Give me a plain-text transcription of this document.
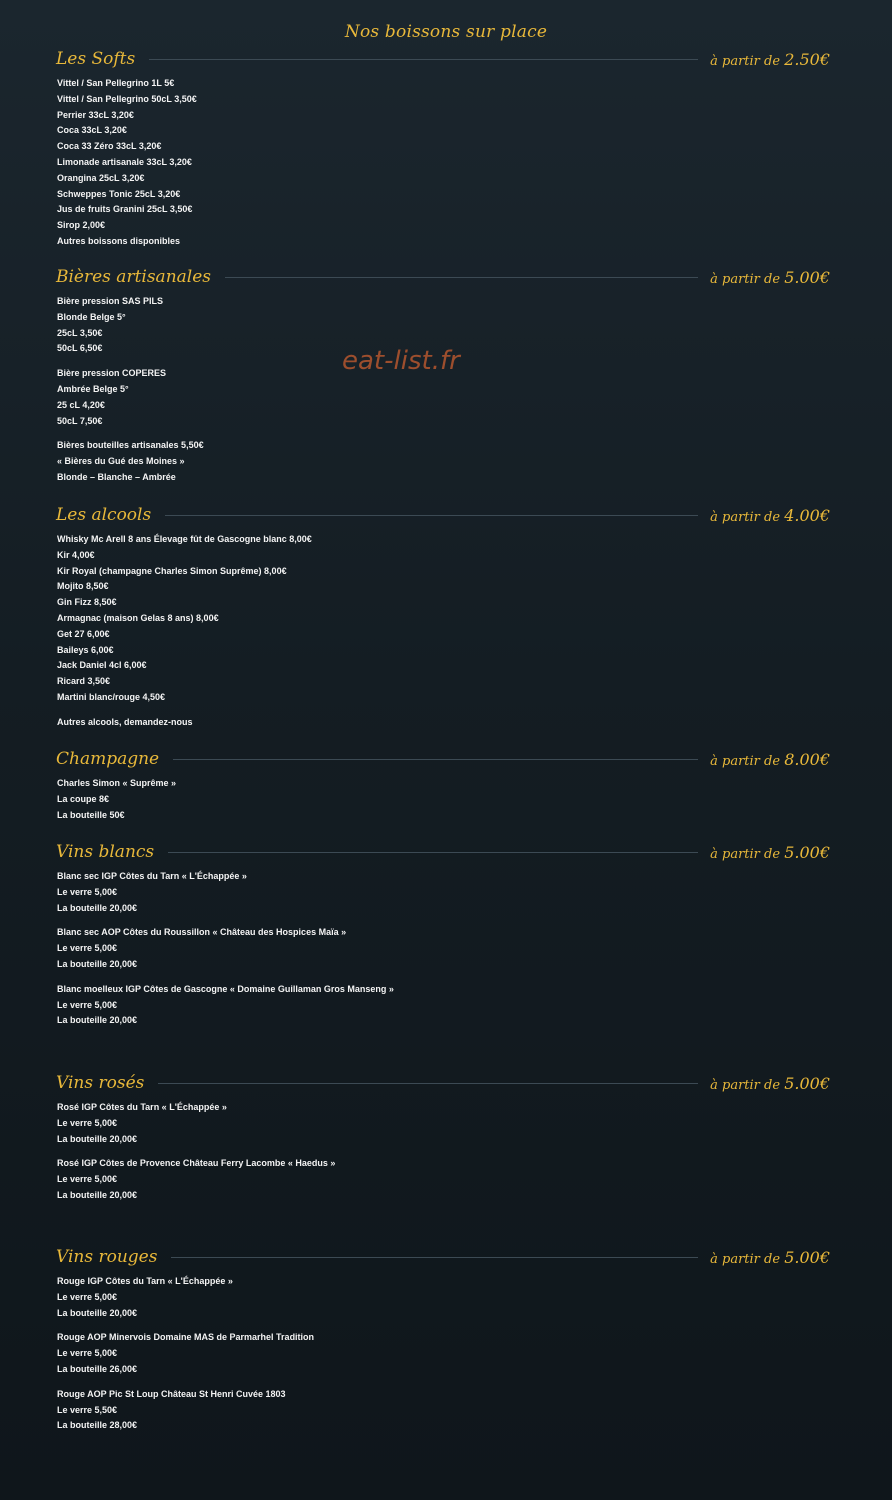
Nos boissons sur place
eat-list.fr
Les Softs	à partir de 2.50€
Vittel / San Pellegrino 1L 5€
Vittel / San Pellegrino 50cL 3,50€
Perrier 33cL 3,20€
Coca 33cL 3,20€
Coca 33 Zéro 33cL 3,20€
Limonade artisanale 33cL 3,20€
Orangina 25cL 3,20€
Schweppes Tonic 25cL 3,20€
Jus de fruits Granini 25cL 3,50€
Sirop 2,00€
Autres boissons disponibles
Bières artisanales	à partir de 5.00€
Bière pression SAS PILS
Blonde Belge 5°
25cL 3,50€
50cL 6,50€
Bière pression COPERES
Ambrée Belge 5°
25 cL 4,20€
50cL 7,50€
Bières bouteilles artisanales 5,50€
« Bières du Gué des Moines »
Blonde – Blanche – Ambrée
Les alcools	à partir de 4.00€
Whisky Mc Arell 8 ans Élevage fût de Gascogne blanc 8,00€
Kir 4,00€
Kir Royal (champagne Charles Simon Suprême) 8,00€
Mojito 8,50€
Gin Fizz 8,50€
Armagnac (maison Gelas 8 ans) 8,00€
Get 27 6,00€
Baileys 6,00€
Jack Daniel 4cl 6,00€
Ricard 3,50€
Martini blanc/rouge 4,50€
Autres alcools, demandez-nous
Champagne	à partir de 8.00€
Charles Simon « Suprême »
La coupe 8€
La bouteille 50€
Vins blancs	à partir de 5.00€
Blanc sec IGP Côtes du Tarn « L'Échappée »
Le verre 5,00€
La bouteille 20,00€
Blanc sec AOP Côtes du Roussillon « Château des Hospices Maïa »
Le verre 5,00€
La bouteille 20,00€
Blanc moelleux IGP Côtes de Gascogne « Domaine Guillaman Gros Manseng »
Le verre 5,00€
La bouteille 20,00€
Vins rosés	à partir de 5.00€
Rosé IGP Côtes du Tarn « L'Échappée »
Le verre 5,00€
La bouteille 20,00€
Rosé IGP Côtes de Provence Château Ferry Lacombe « Haedus »
Le verre 5,00€
La bouteille 20,00€
Vins rouges	à partir de 5.00€
Rouge IGP Côtes du Tarn « L'Échappée »
Le verre 5,00€
La bouteille 20,00€
Rouge AOP Minervois Domaine MAS de Parmarhel Tradition
Le verre 5,00€
La bouteille 26,00€
Rouge AOP Pic St Loup Château St Henri Cuvée 1803
Le verre 5,50€
La bouteille 28,00€
